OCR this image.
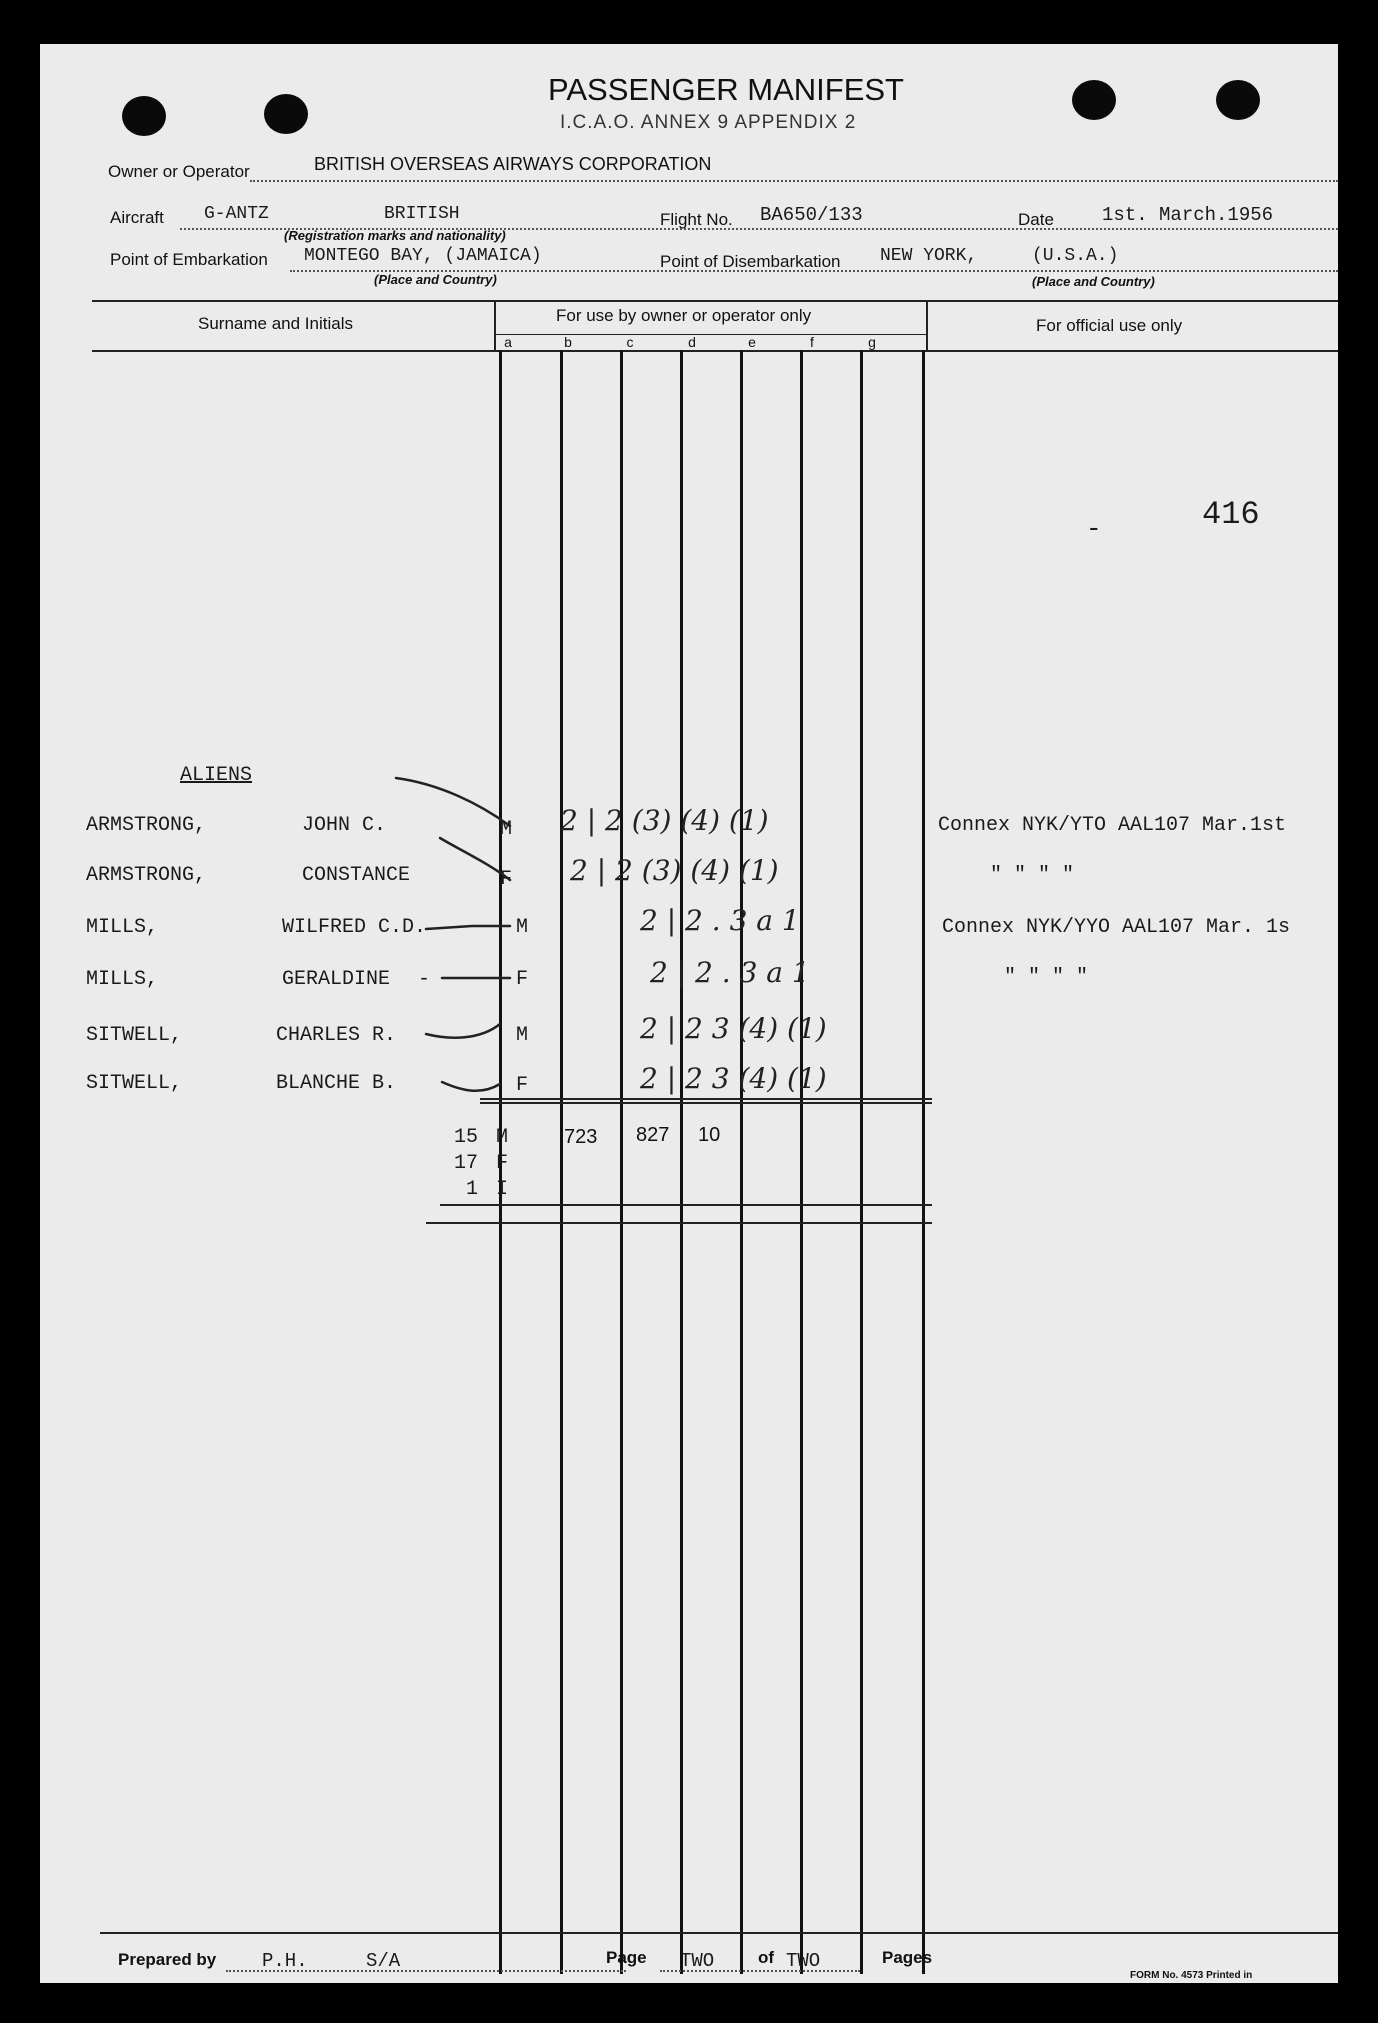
PASSENGER MANIFEST
I.C.A.O. ANNEX 9 APPENDIX 2
Owner or Operator	BRITISH OVERSEAS AIRWAYS CORPORATION
Aircraft G-ANTZ	BRITISH
(Registration marks and nationality)
Flight No. BA650/133	Date	1st. March.1956
Point of Embarkation MONTEGO BAY, (JAMAICA)
(Place and Country)
Point of Disembarkation NEW YORK,	(U.S.A.)
(Place and Country)
Surname and Initials	For use by owner or operator only
For official use only
a	b	c	d	e	f	g
-	416
ALIENS
ARMSTRONG,	JOHN C.	M 2 | 2 (3) (4) (1)	Connex NYK/YTO AAL107 Mar.1st
ARMSTRONG,	CONSTANCE	F 2 | 2 (3) (4) (1)	" " " "
MILLS,	WILFRED C.D.	M	2 | 2 . 3 a 1	Connex NYK/YYO AAL107 Mar. 1s
MILLS,	GERALDINE -	F	2 | 2 . 3 a 1	" " " "
SITWELL,	CHARLES R.	M	2 | 2 3 (4) (1)
SITWELL,	BLANCHE B.	F	2 | 2 3 (4) (1)
15 M
17 F
1 I
723 827 10
Prepared by P.H.	S/A	Page TWO	of TWO	Pages
FORM No. 4573 Printed in
